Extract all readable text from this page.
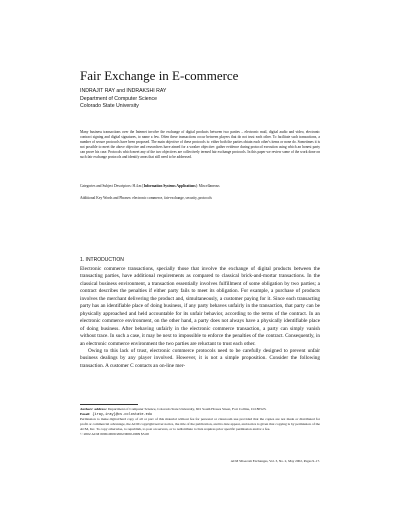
Fair Exchange in E-commerce
INDRAJIT RAY and INDRAKSHI RAY
Department of Computer Science
Colorado State University

Many business transactions over the Internet involve the exchange of digital products between two parties – electronic mail, digital audio and video, electronic contract signing and digital signatures, to name a few. Often these transactions occur between players that do not trust each other. To facilitate such transactions, a number of secure protocols have been proposed. The main objective of these protocols is: either both the parties obtain each other's items or none do. Sometimes it is not possible to meet the above objective and researchers have aimed for a weaker objective: gather evidence during protocol execution using which an honest party can prove his case. Protocols which meet any of the two objectives are collectively termed fair exchange protocols. In this paper we review some of the work done on such fair exchange protocols and identify areas that still need to be addressed.

Categories and Subject Descriptors: H.4.m [Information Systems Applications]: Miscellaneous

Additional Key Words and Phrases: electronic commerce, fair-exchange, security, protocols

1. INTRODUCTION

Electronic commerce transactions, specially those that involve the exchange of digital products between the transacting parties, have additional requirements as compared to classical brick-and-mortar transactions. In the classical business environment, a transaction essentially involves fulfillment of some obligation by two parties; a contract describes the penalties if either party fails to meet its obligation. For example, a purchase of products involves the merchant delivering the product and, simultaneously, a customer paying for it. Since each transacting party has an identifiable place of doing business, if any party behaves unfairly in the transaction, that party can be physically approached and held accountable for its unfair behavior, according to the terms of the contract. In an electronic commerce environment, on the other hand, a party does not always have a physically identifiable place of doing business. After behaving unfairly in the electronic commerce transaction, a party can simply vanish without trace. In such a case, it may be next to impossible to enforce the penalties of the contract. Consequently, in an electronic commerce environment the two parties are reluctant to trust each other.

Owing to this lack of trust, electronic commerce protocols need to be carefully designed to prevent unfair business dealings by any player involved. However, it is not a simple proposition. Consider the following transaction. A customer C contacts an on-line mer-

Authors' address: Department of Computer Science, Colorado State University, 601 South Howes Street, Fort Collins, CO 80523.

Email: {iray,iray}@cs.colostate.edu

Permission to make digital/hard copy of all or part of this material without fee for personal or classroom use provided that the copies are not made or distributed for profit or commercial advantage, the ACM copyright/server notice, the title of the publication, and its date appear, and notice is given that copying is by permission of the ACM, Inc. To copy otherwise, to republish, to post on servers, or to redistribute to lists requires prior specific permission and/or a fee.

© 2002 ACM 0000-0000/2002/0000-0009 $5.00

ACM SIGecom Exchanges, Vol. 3, No. 2, May 2002, Pages 9–17.
